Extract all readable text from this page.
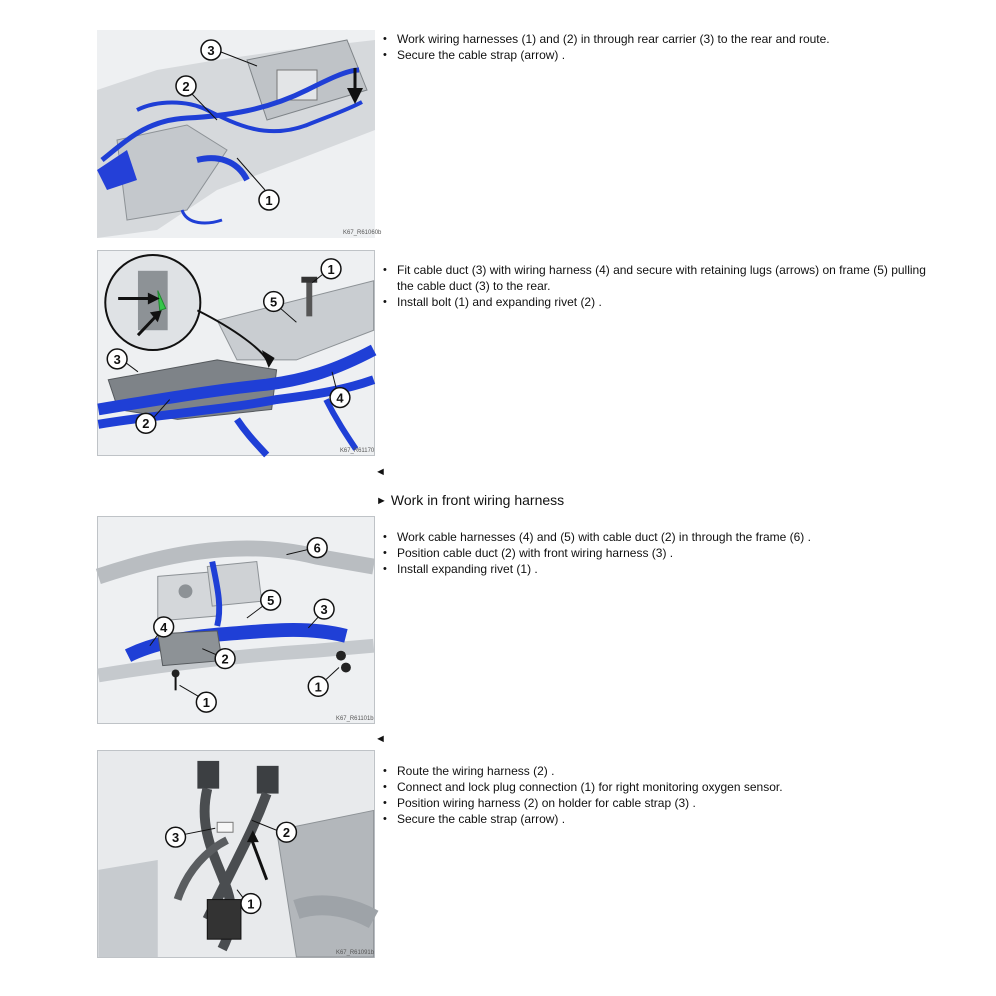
3
2
1
K67_R61060b
• Work wiring harnesses (1) and (2) in through rear carrier (3) to the rear and route.
• Secure the cable strap (arrow) .
1
5
3
2
4
K67_R61170
• Fit cable duct (3) with wiring harness (4) and secure with retaining lugs (arrows) on frame (5) pulling the cable duct (3) to the rear.
• Install bolt (1) and expanding rivet (2) .
◄
► Work in front wiring harness
6
5
3
4
2
1
1
K67_R61101b
• Work cable harnesses (4) and (5) with cable duct (2) in through the frame (6) .
• Position cable duct (2) with front wiring harness (3) .
• Install expanding rivet (1) .
◄
3	2
1
K67_R61091b
• Route the wiring harness (2) .
• Connect and lock plug connection (1) for right monitoring oxygen sensor.
• Position wiring harness (2) on holder for cable strap (3) .
• Secure the cable strap (arrow) .
